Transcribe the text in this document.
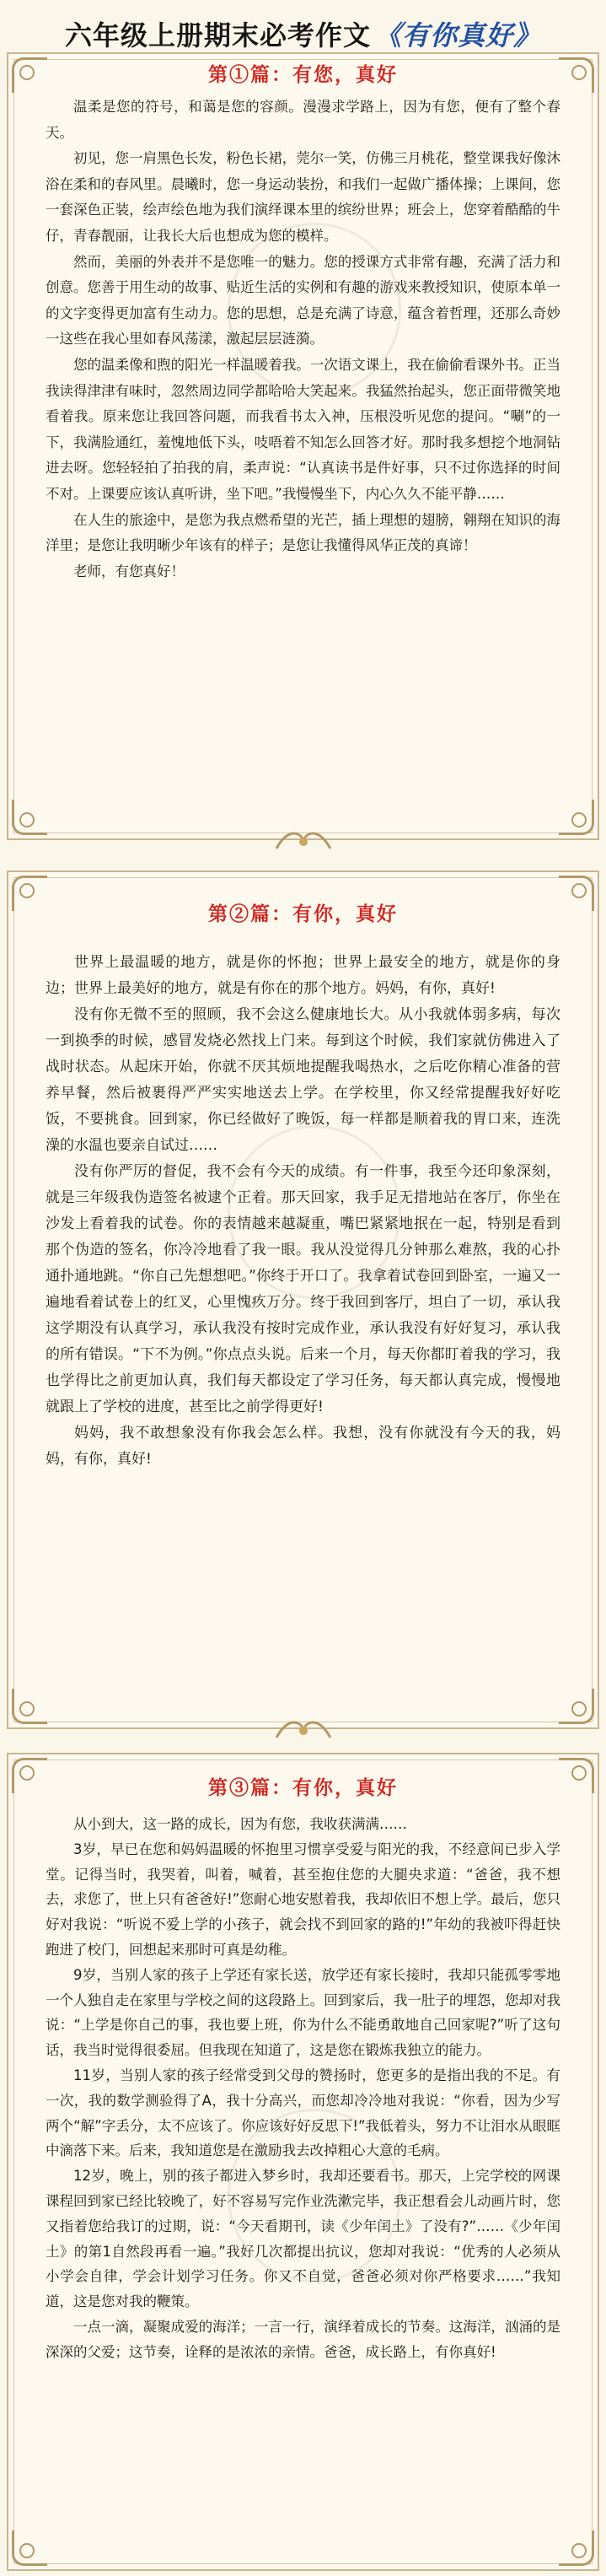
六年级上册期末必考作文 《有你真好》
第①篇：有您，真好

温柔是您的符号，和蔼是您的容颜。漫漫求学路上，因为有您，便有了整个春天。

初见，您一肩黑色长发，粉色长裙，莞尔一笑，仿佛三月桃花，整堂课我好像沐浴在柔和的春风里。晨曦时，您一身运动装扮，和我们一起做广播体操；上课间，您一套深色正装，绘声绘色地为我们演绎课本里的缤纷世界；班会上，您穿着酷酷的牛仔，青春靓丽，让我长大后也想成为您的模样。

然而，美丽的外表并不是您唯一的魅力。您的授课方式非常有趣，充满了活力和创意。您善于用生动的故事、贴近生活的实例和有趣的游戏来教授知识，使原本单一的文字变得更加富有生动力。您的思想，总是充满了诗意，蕴含着哲理，还那么奇妙一这些在我心里如春风荡漾，激起层层涟漪。

您的温柔像和煦的阳光一样温暖着我。一次语文课上，我在偷偷看课外书。正当我读得津津有味时，忽然周边同学都哈哈大笑起来。我猛然抬起头，您正面带微笑地看着我。原来您让我回答问题，而我看书太入神，压根没听见您的提问。“唰”的一下，我满脸通红，羞愧地低下头，吱唔着不知怎么回答才好。那时我多想挖个地洞钻进去呀。您轻轻拍了拍我的肩，柔声说：“认真读书是件好事，只不过你选择的时间不对。上课要应该认真听讲，坐下吧。”我慢慢坐下，内心久久不能平静……

在人生的旅途中，是您为我点燃希望的光芒，插上理想的翅膀，翱翔在知识的海洋里；是您让我明晰少年该有的样子；是您让我懂得风华正茂的真谛！

老师，有您真好！

第②篇：有你，真好

世界上最温暖的地方，就是你的怀抱；世界上最安全的地方，就是你的身边；世界上最美好的地方，就是有你在的那个地方。妈妈，有你，真好!

没有你无微不至的照顾，我不会这么健康地长大。从小我就体弱多病，每次一到换季的时候，感冒发烧必然找上门来。每到这个时候，我们家就仿佛进入了战时状态。从起床开始，你就不厌其烦地提醒我喝热水，之后吃你精心准备的营养早餐，然后被裹得严严实实地送去上学。在学校里，你又经常提醒我好好吃饭，不要挑食。回到家，你已经做好了晚饭，每一样都是顺着我的胃口来，连洗澡的水温也要亲自试过……

没有你严厉的督促，我不会有今天的成绩。有一件事，我至今还印象深刻，就是三年级我伪造签名被逮个正着。那天回家，我手足无措地站在客厅，你坐在沙发上看着我的试卷。你的表情越来越凝重，嘴巴紧紧地抿在一起，特别是看到那个伪造的签名，你冷冷地看了我一眼。我从没觉得几分钟那么难熬，我的心扑通扑通地跳。“你自己先想想吧。”你终于开口了。我拿着试卷回到卧室，一遍又一遍地看着试卷上的红叉，心里愧疚万分。终于我回到客厅，坦白了一切，承认我这学期没有认真学习，承认我没有按时完成作业，承认我没有好好复习，承认我的所有错误。“下不为例。”你点点头说。后来一个月，每天你都盯着我的学习，我也学得比之前更加认真，我们每天都设定了学习任务，每天都认真完成，慢慢地就跟上了学校的进度，甚至比之前学得更好!

妈妈，我不敢想象没有你我会怎么样。我想，没有你就没有今天的我，妈妈，有你，真好!

第③篇：有你，真好

从小到大，这一路的成长，因为有您，我收获满满……

3岁，早已在您和妈妈温暖的怀抱里习惯享受爱与阳光的我，不经意间已步入学堂。记得当时，我哭着，叫着，喊着，甚至抱住您的大腿央求道：“爸爸，我不想去，求您了，世上只有爸爸好!”您耐心地安慰着我，我却依旧不想上学。最后，您只好对我说：“听说不爱上学的小孩子，就会找不到回家的路的!”年幼的我被吓得赶快跑进了校门，回想起来那时可真是幼稚。

9岁，当别人家的孩子上学还有家长送，放学还有家长接时，我却只能孤零零地一个人独自走在家里与学校之间的这段路上。回到家后，我一肚子的埋怨，您却对我说：“上学是你自己的事，我也要上班，你为什么不能勇敢地自己回家呢?”听了这句话，我当时觉得很委屈。但我现在知道了，这是您在锻炼我独立的能力。

11岁，当别人家的孩子经常受到父母的赞扬时，您更多的是指出我的不足。有一次，我的数学测验得了A，我十分高兴，而您却冷冷地对我说：“你看，因为少写两个“解”字丢分，太不应该了。你应该好好反思下!”我低着头，努力不让泪水从眼眶中滴落下来。后来，我知道您是在激励我去改掉粗心大意的毛病。

12岁，晚上，别的孩子都进入梦乡时，我却还要看书。那天，上完学校的网课课程回到家已经比较晚了，好不容易写完作业洗漱完毕，我正想看会儿动画片时，您又指着您给我订的过期，说：“今天看期刊，读《少年闰土》了没有?”……《少年闰土》的第1自然段再看一遍。”我好几次都提出抗议，您却对我说：“优秀的人必须从小学会自律，学会计划学习任务。你又不自觉，爸爸必须对你严格要求……”我知道，这是您对我的鞭策。

一点一滴，凝聚成爱的海洋；一言一行，演绎着成长的节奏。这海洋，汹涌的是深深的父爱；这节奏，诠释的是浓浓的亲情。爸爸，成长路上，有你真好!
